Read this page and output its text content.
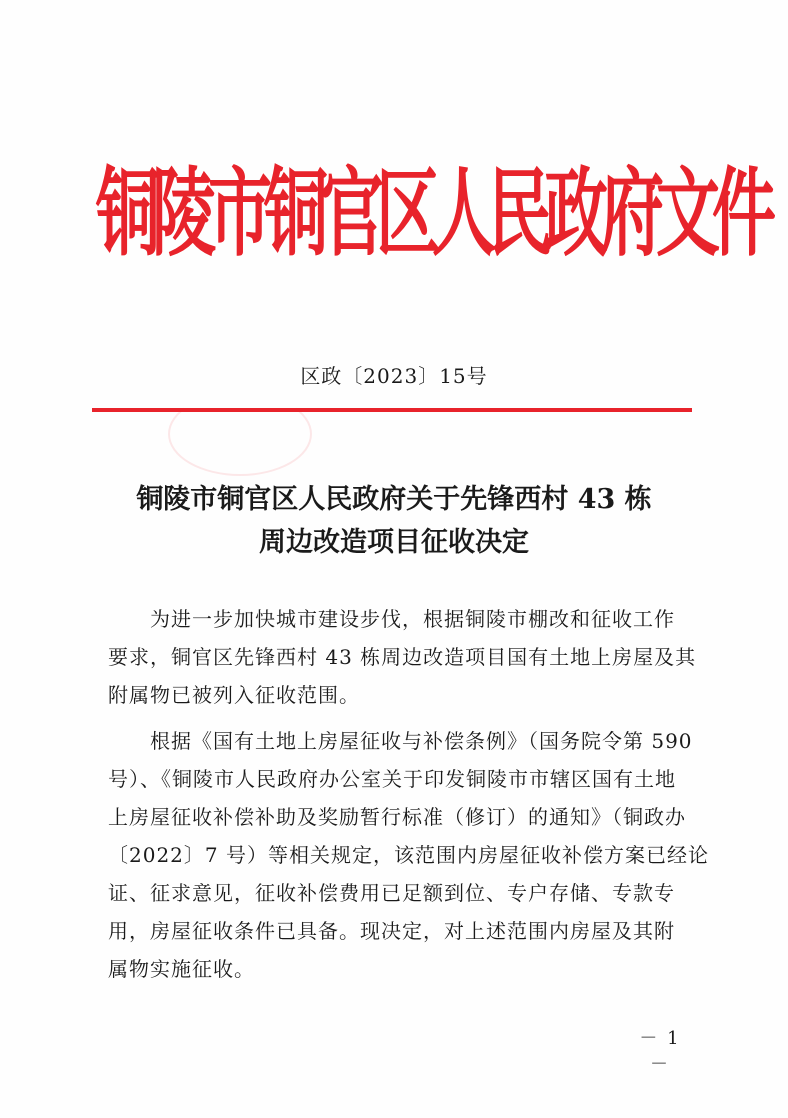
铜陵市铜官区人民政府文件
区政〔2023〕15号
铜陵市铜官区人民政府关于先锋西村 43 栋
周边改造项目征收决定
为进一步加快城市建设步伐，根据铜陵市棚改和征收工作
要求，铜官区先锋西村 43 栋周边改造项目国有土地上房屋及其
附属物已被列入征收范围。
根据《国有土地上房屋征收与补偿条例》（国务院令第 590
号）、《铜陵市人民政府办公室关于印发铜陵市市辖区国有土地
上房屋征收补偿补助及奖励暂行标准（修订）的通知》（铜政办
〔2022〕7 号）等相关规定，该范围内房屋征收补偿方案已经论
证、征求意见，征收补偿费用已足额到位、专户存储、专款专
用，房屋征收条件已具备。现决定，对上述范围内房屋及其附
属物实施征收。
－ 1 －
